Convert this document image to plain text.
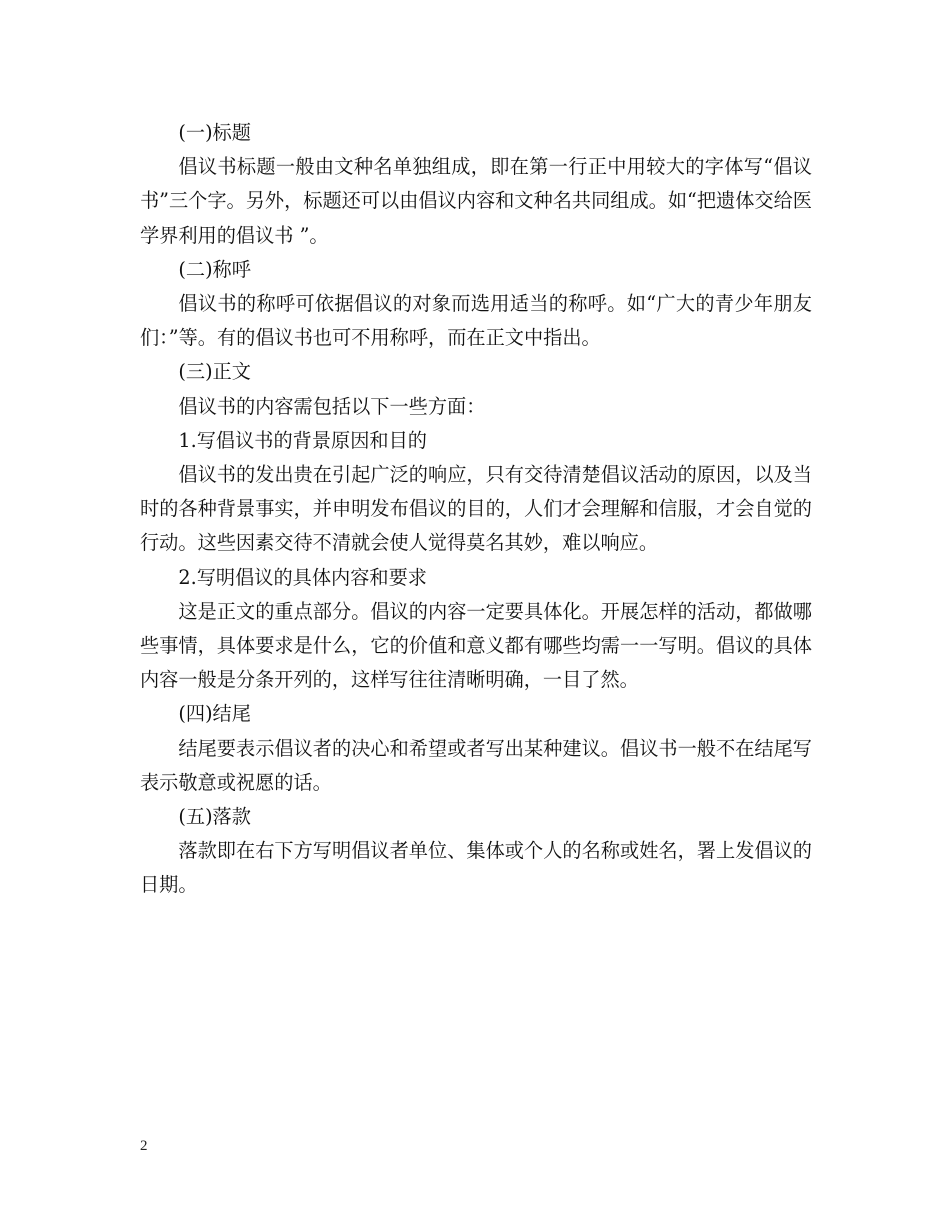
(一)标题

倡议书标题一般由文种名单独组成，即在第一行正中用较大的字体写“倡议书”三个字。另外，标题还可以由倡议内容和文种名共同组成。如“把遗体交给医学界利用的倡议书 ”。

(二)称呼

倡议书的称呼可依据倡议的对象而选用适当的称呼。如“广大的青少年朋友们：”等。有的倡议书也可不用称呼，而在正文中指出。

(三)正文

倡议书的内容需包括以下一些方面：

1.写倡议书的背景原因和目的

倡议书的发出贵在引起广泛的响应，只有交待清楚倡议活动的原因，以及当时的各种背景事实，并申明发布倡议的目的，人们才会理解和信服，才会自觉的行动。这些因素交待不清就会使人觉得莫名其妙，难以响应。

2.写明倡议的具体内容和要求

这是正文的重点部分。倡议的内容一定要具体化。开展怎样的活动，都做哪些事情，具体要求是什么，它的价值和意义都有哪些均需一一写明。倡议的具体内容一般是分条开列的，这样写往往清晰明确，一目了然。

(四)结尾

结尾要表示倡议者的决心和希望或者写出某种建议。倡议书一般不在结尾写表示敬意或祝愿的话。

(五)落款

落款即在右下方写明倡议者单位、集体或个人的名称或姓名，署上发倡议的日期。

2
